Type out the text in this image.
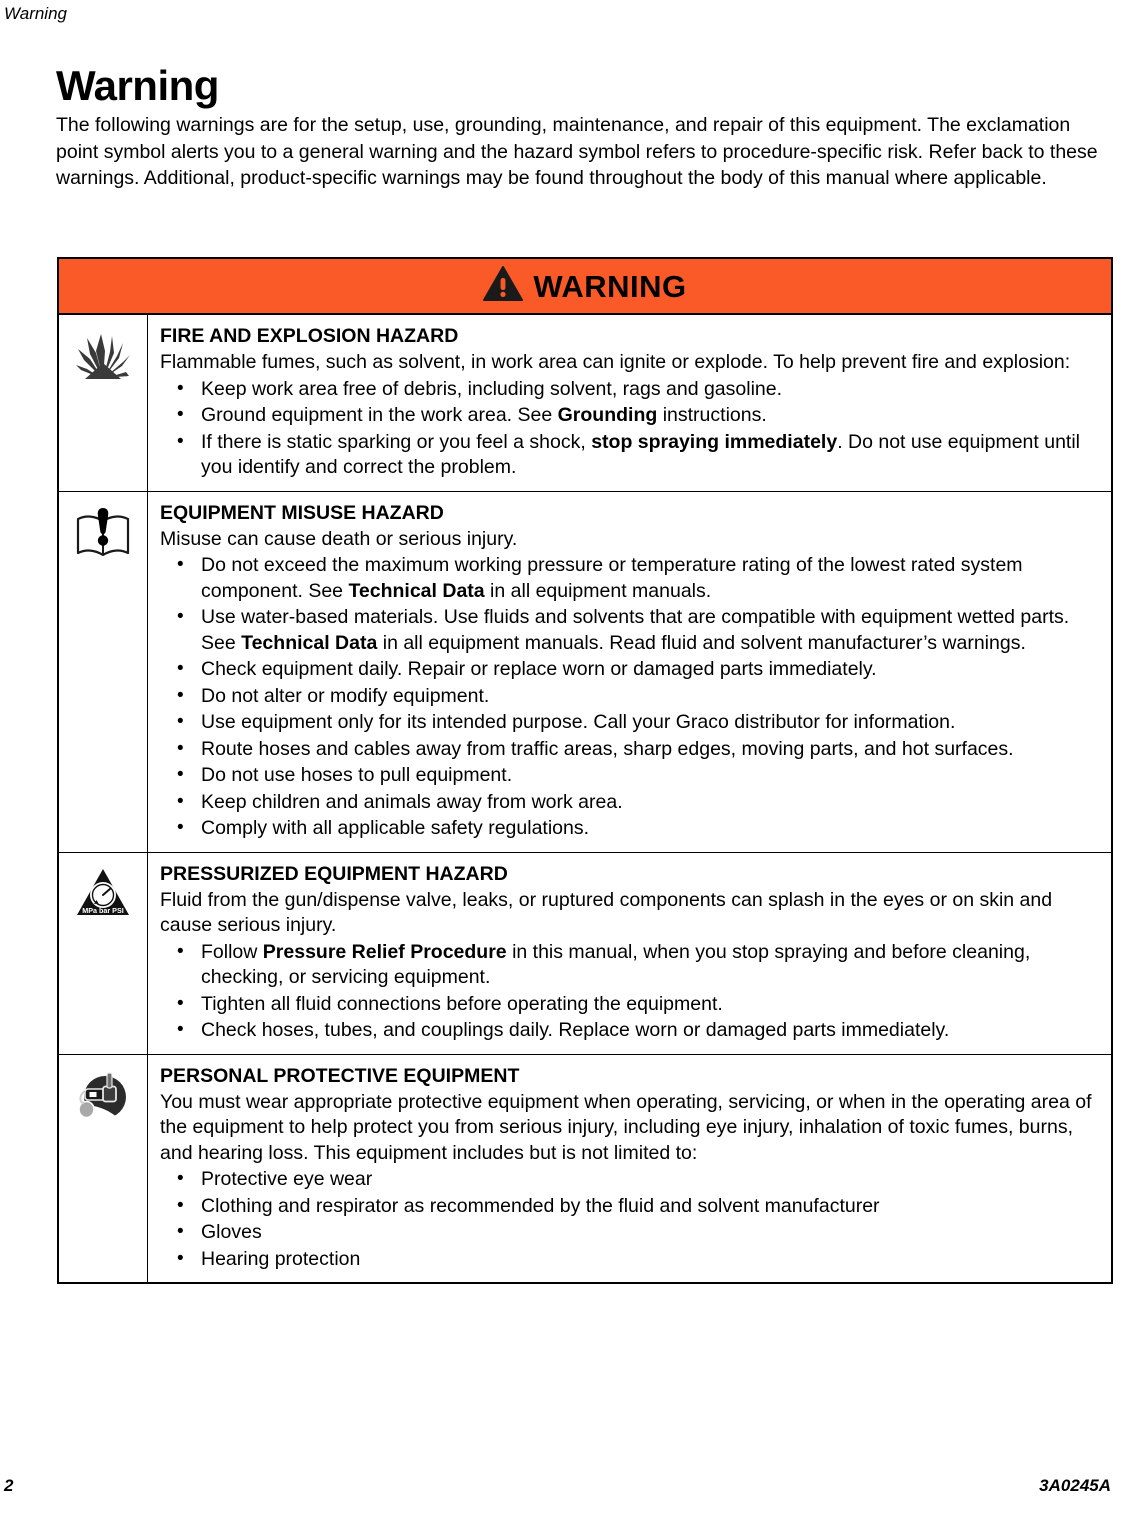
Warning
Warning

The following warnings are for the setup, use, grounding, maintenance, and repair of this equipment. The exclamation point symbol alerts you to a general warning and the hazard symbol refers to procedure-specific risk. Refer back to these warnings. Additional, product-specific warnings may be found throughout the body of this manual where applicable.

WARNING
FIRE AND EXPLOSION HAZARD

Flammable fumes, such as solvent, in work area can ignite or explode. To help prevent fire and explosion:

• Keep work area free of debris, including solvent, rags and gasoline.
• Ground equipment in the work area. See Grounding instructions.
• If there is static sparking or you feel a shock, stop spraying immediately. Do not use equipment until you identify and correct the problem.
EQUIPMENT MISUSE HAZARD

Misuse can cause death or serious injury.

• Do not exceed the maximum working pressure or temperature rating of the lowest rated system component. See Technical Data in all equipment manuals.
• Use water-based materials. Use fluids and solvents that are compatible with equipment wetted parts. See Technical Data in all equipment manuals. Read fluid and solvent manufacturer’s warnings.
• Check equipment daily. Repair or replace worn or damaged parts immediately.
• Do not alter or modify equipment.
• Use equipment only for its intended purpose. Call your Graco distributor for information.
• Route hoses and cables away from traffic areas, sharp edges, moving parts, and hot surfaces.
• Do not use hoses to pull equipment.
• Keep children and animals away from work area.
• Comply with all applicable safety regulations.
MPa bar PSI
PRESSURIZED EQUIPMENT HAZARD

Fluid from the gun/dispense valve, leaks, or ruptured components can splash in the eyes or on skin and cause serious injury.

• Follow Pressure Relief Procedure in this manual, when you stop spraying and before cleaning, checking, or servicing equipment.
• Tighten all fluid connections before operating the equipment.
• Check hoses, tubes, and couplings daily. Replace worn or damaged parts immediately.
PERSONAL PROTECTIVE EQUIPMENT

You must wear appropriate protective equipment when operating, servicing, or when in the operating area of the equipment to help protect you from serious injury, including eye injury, inhalation of toxic fumes, burns, and hearing loss. This equipment includes but is not limited to:

• Protective eye wear
• Clothing and respirator as recommended by the fluid and solvent manufacturer
• Gloves
• Hearing protection
2	3A0245A
